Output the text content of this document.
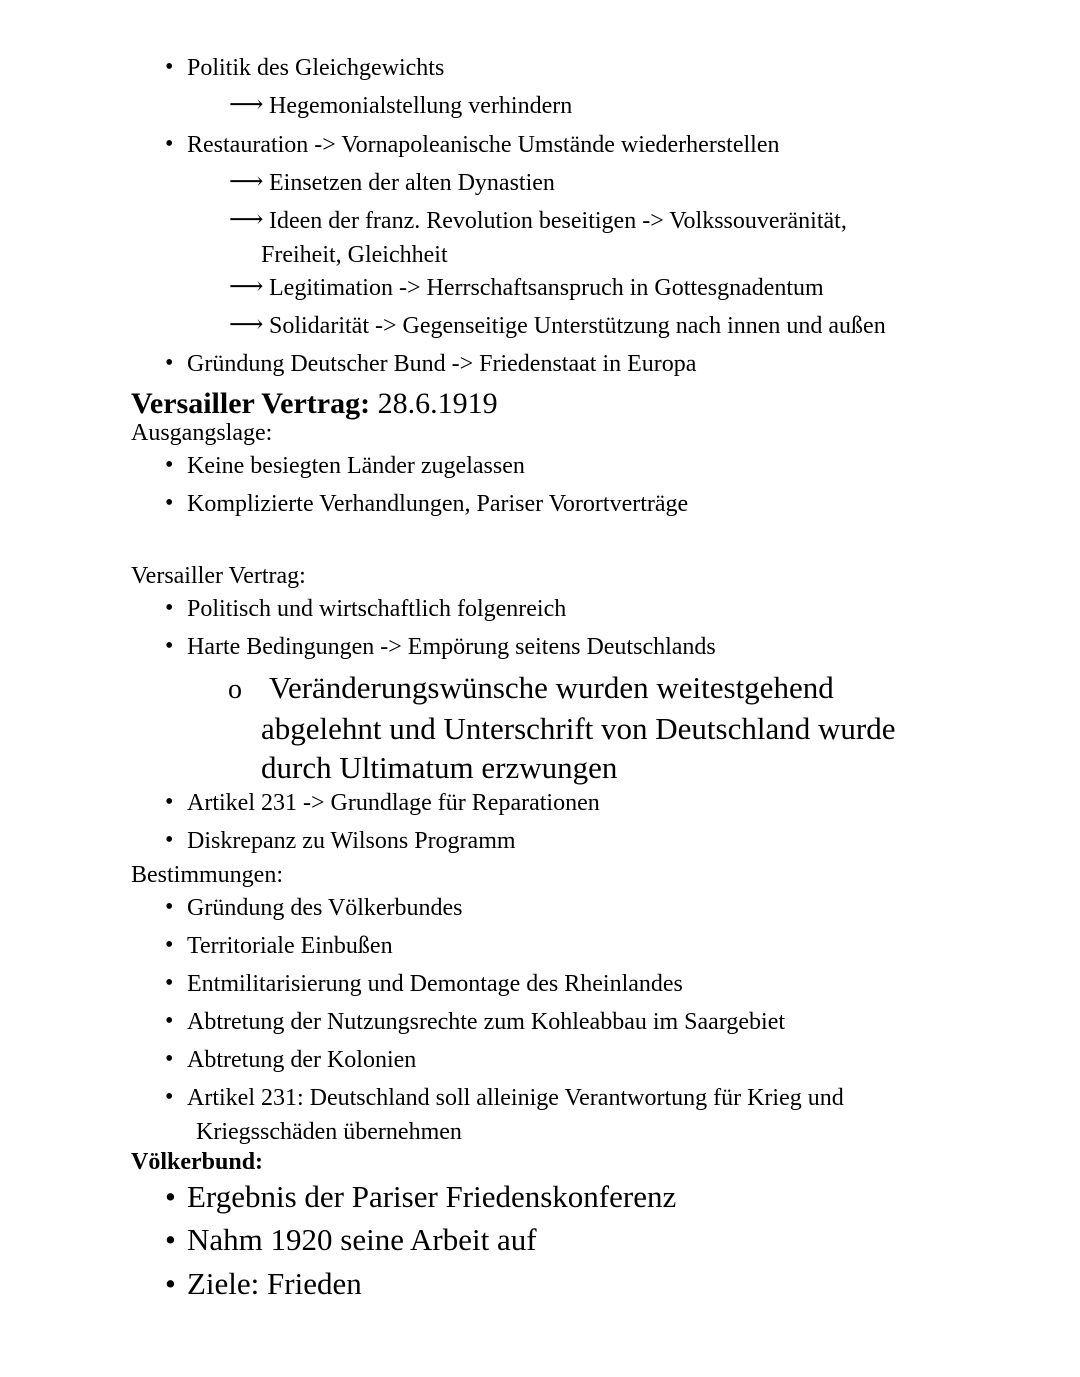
• Politik des Gleichgewichts
⟶ Hegemonialstellung verhindern
• Restauration -> Vornapoleanische Umstände wiederherstellen
⟶ Einsetzen der alten Dynastien
⟶ Ideen der franz. Revolution beseitigen -> Volkssouveränität,
Freiheit, Gleichheit
⟶ Legitimation -> Herrschaftsanspruch in Gottesgnadentum
⟶ Solidarität -> Gegenseitige Unterstützung nach innen und außen
• Gründung Deutscher Bund -> Friedenstaat in Europa
Versailler Vertrag: 28.6.1919
Ausgangslage:
• Keine besiegten Länder zugelassen
• Komplizierte Verhandlungen, Pariser Vorortverträge
Versailler Vertrag:
• Politisch und wirtschaftlich folgenreich
• Harte Bedingungen -> Empörung seitens Deutschlands
o Veränderungswünsche wurden weitestgehend
abgelehnt und Unterschrift von Deutschland wurde
durch Ultimatum erzwungen
• Artikel 231 -> Grundlage für Reparationen
• Diskrepanz zu Wilsons Programm
Bestimmungen:
• Gründung des Völkerbundes
• Territoriale Einbußen
• Entmilitarisierung und Demontage des Rheinlandes
• Abtretung der Nutzungsrechte zum Kohleabbau im Saargebiet
• Abtretung der Kolonien
• Artikel 231: Deutschland soll alleinige Verantwortung für Krieg und
Kriegsschäden übernehmen
Völkerbund:
• Ergebnis der Pariser Friedenskonferenz
• Nahm 1920 seine Arbeit auf
• Ziele: Frieden
